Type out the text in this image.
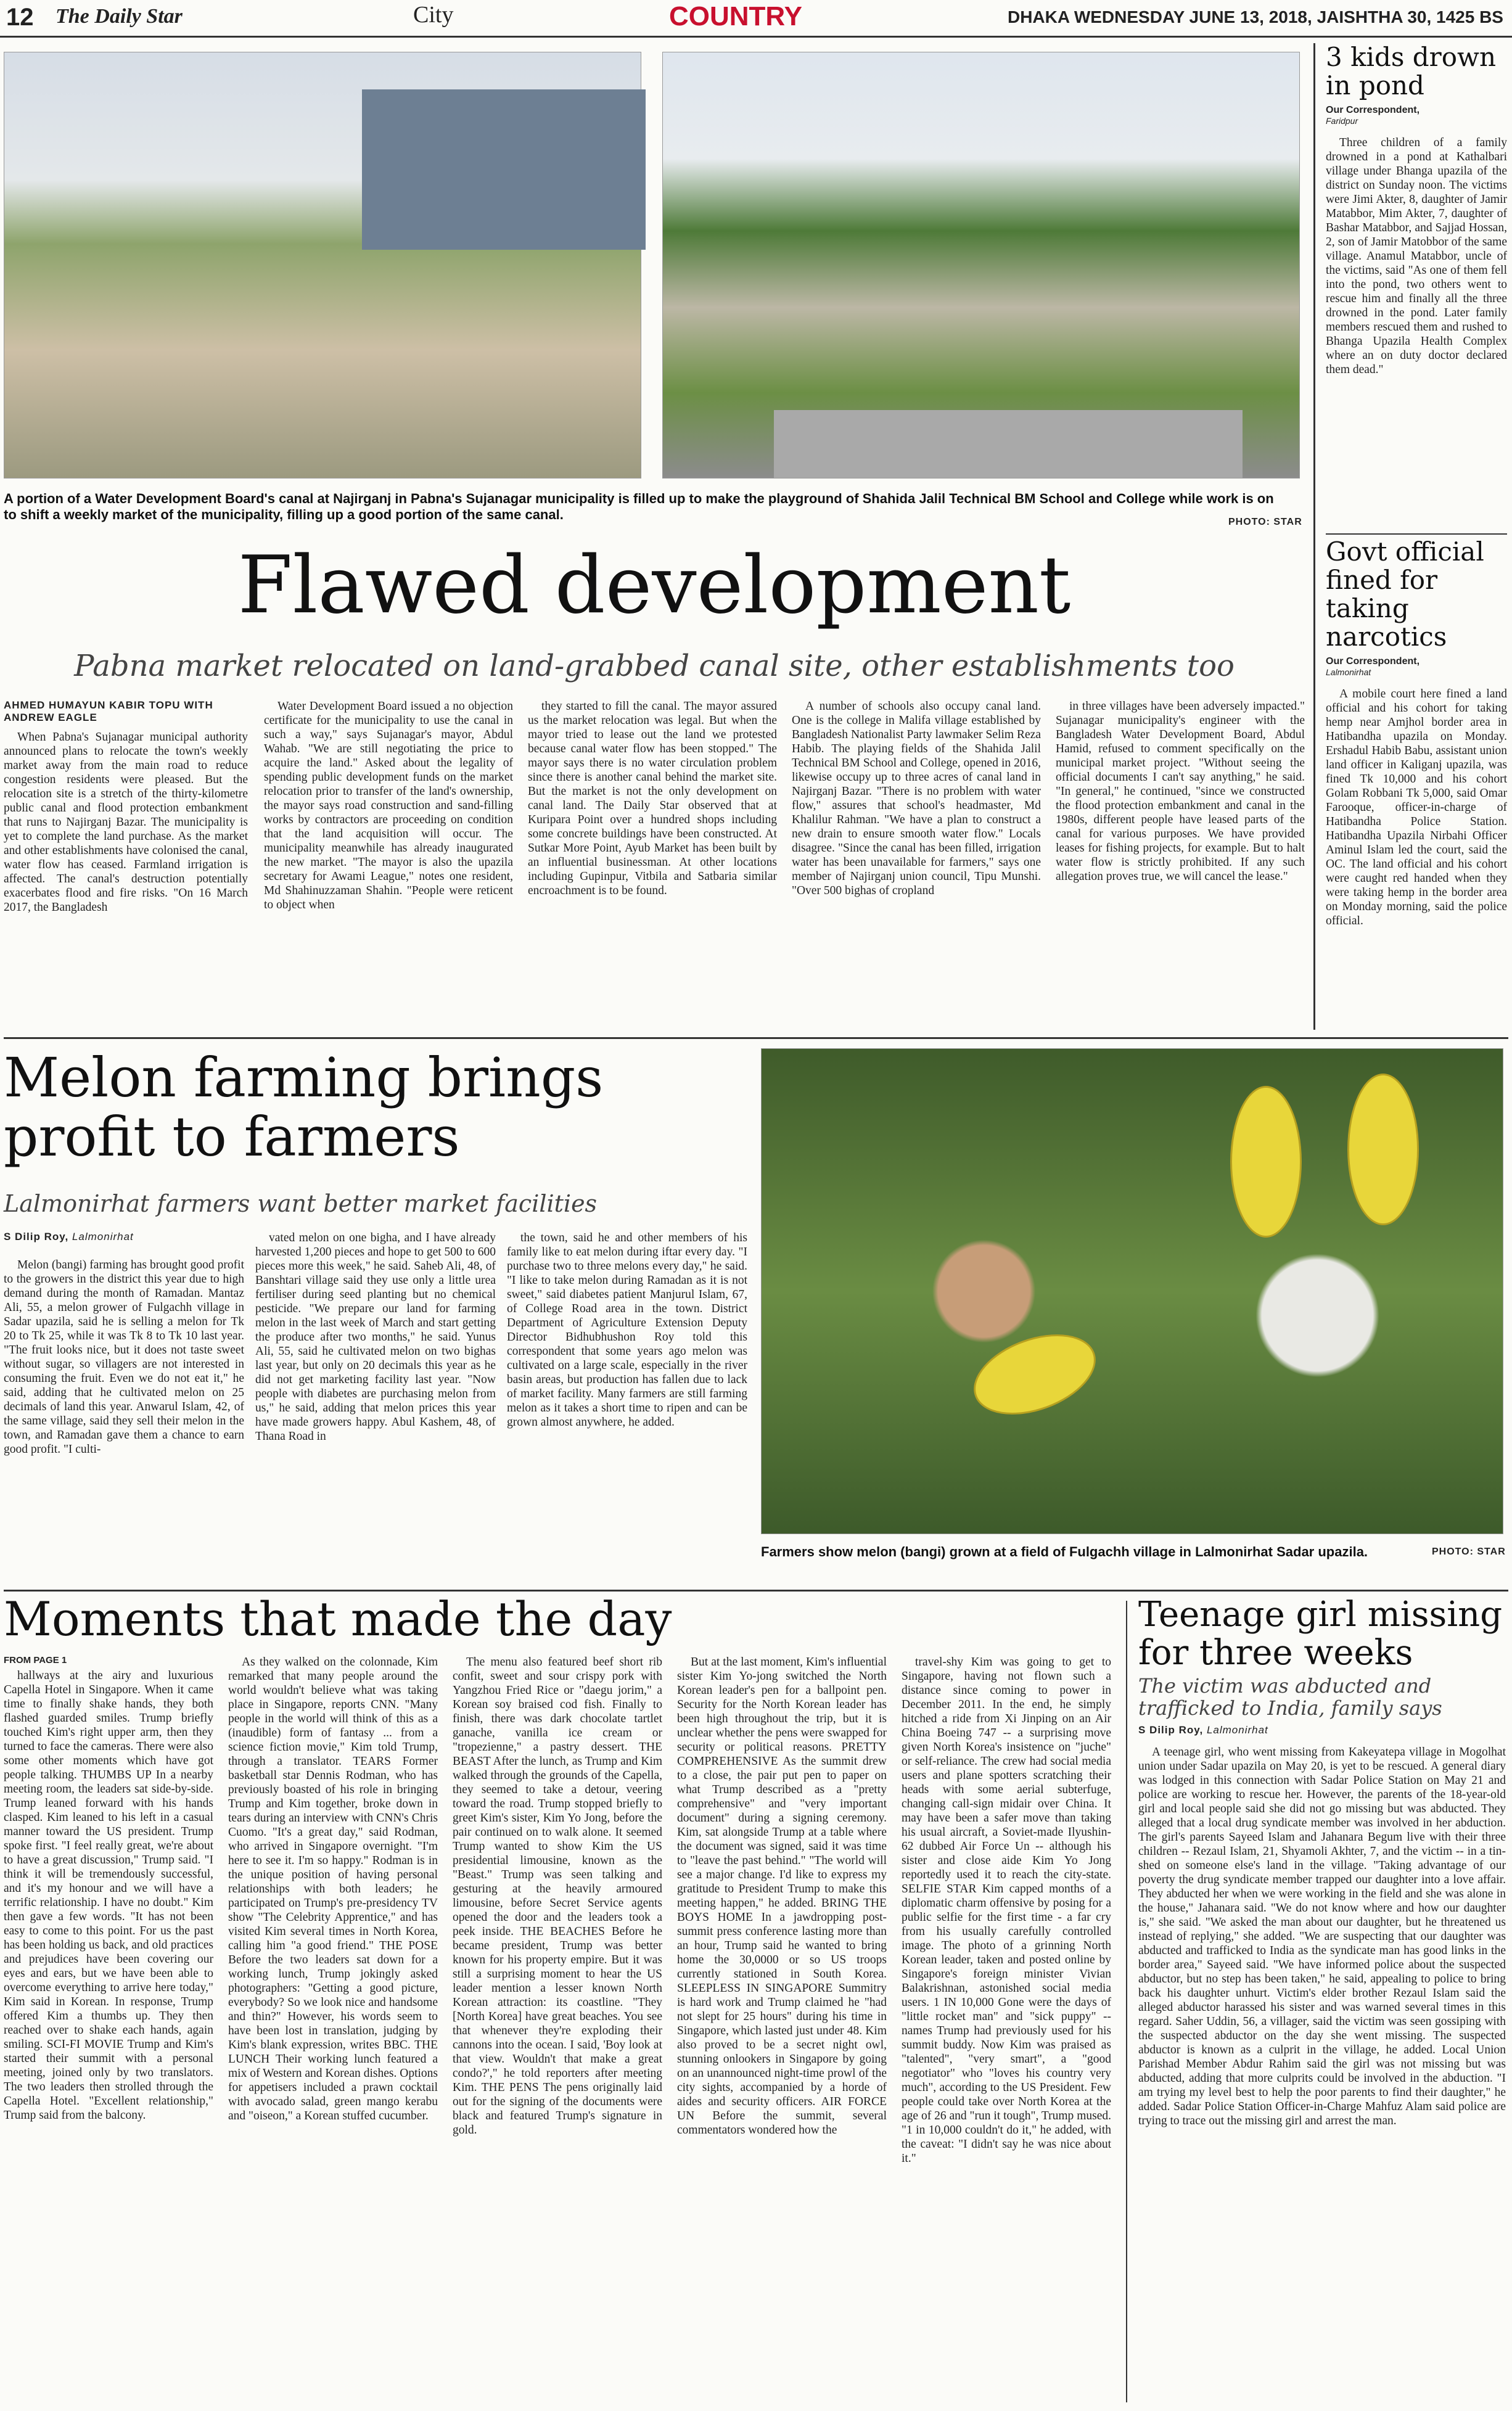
12 The Daily Star	City	COUNTRY	DHAKA WEDNESDAY JUNE 13, 2018, JAISHTHA 30, 1425 BS
A portion of a Water Development Board's canal at Najirganj in Pabna's Sujanagar municipality is filled up to make the playground of Shahida Jalil Technical BM School and College while work is on to shift a weekly market of the municipality, filling up a good portion of the same canal.	PHOTO: STAR
Flawed development
Pabna market relocated on land-grabbed canal site, other establishments too
AHMED HUMAYUN KABIR TOPU WITH ANDREW EAGLE

When Pabna's Sujanagar municipal authority announced plans to relocate the town's weekly market away from the main road to reduce congestion residents were pleased. But the relocation site is a stretch of the thirty-kilometre public canal and flood protection embankment that runs to Najirganj Bazar. The municipality is yet to complete the land purchase. As the market and other establishments have colonised the canal, water flow has ceased. Farmland irrigation is affected. The canal's destruction potentially exacerbates flood and fire risks. "On 16 March 2017, the Bangladesh

Water Development Board issued a no objection certificate for the municipality to use the canal in such a way," says Sujanagar's mayor, Abdul Wahab. "We are still negotiating the price to acquire the land." Asked about the legality of spending public development funds on the market relocation prior to transfer of the land's ownership, the mayor says road construction and sand-filling works by contractors are proceeding on condition that the land acquisition will occur. The municipality meanwhile has already inaugurated the new market. "The mayor is also the upazila secretary for Awami League," notes one resident, Md Shahinuzzaman Shahin. "People were reticent to object when

they started to fill the canal. The mayor assured us the market relocation was legal. But when the mayor tried to lease out the land we protested because canal water flow has been stopped." The mayor says there is no water circulation problem since there is another canal behind the market site. But the market is not the only development on canal land. The Daily Star observed that at Kuripara Point over a hundred shops including some concrete buildings have been constructed. At Sutkar More Point, Ayub Market has been built by an influential businessman. At other locations including Gupinpur, Vitbila and Satbaria similar encroachment is to be found.

A number of schools also occupy canal land. One is the college in Malifa village established by Bangladesh Nationalist Party lawmaker Selim Reza Habib. The playing fields of the Shahida Jalil Technical BM School and College, opened in 2016, likewise occupy up to three acres of canal land in Najirganj Bazar. "There is no problem with water flow," assures that school's headmaster, Md Khalilur Rahman. "We have a plan to construct a new drain to ensure smooth water flow." Locals disagree. "Since the canal has been filled, irrigation water has been unavailable for farmers," says one member of Najirganj union council, Tipu Munshi. "Over 500 bighas of cropland

in three villages have been adversely impacted." Sujanagar municipality's engineer with the Bangladesh Water Development Board, Abdul Hamid, refused to comment specifically on the municipal market project. "Without seeing the official documents I can't say anything," he said. "In general," he continued, "since we constructed the flood protection embankment and canal in the 1980s, different people have leased parts of the canal for various purposes. We have provided leases for fishing projects, for example. But to halt water flow is strictly prohibited. If any such allegation proves true, we will cancel the lease."

3 kids drown in pond
Our Correspondent,
Faridpur

Three children of a family drowned in a pond at Kathalbari village under Bhanga upazila of the district on Sunday noon. The victims were Jimi Akter, 8, daughter of Jamir Matabbor, Mim Akter, 7, daughter of Bashar Matabbor, and Sajjad Hossan, 2, son of Jamir Matobbor of the same village. Anamul Matabbor, uncle of the victims, said "As one of them fell into the pond, two others went to rescue him and finally all the three drowned in the pond. Later family members rescued them and rushed to Bhanga Upazila Health Complex where an on duty doctor declared them dead."

Govt official fined for taking narcotics
Our Correspondent,
Lalmonirhat

A mobile court here fined a land official and his cohort for taking hemp near Amjhol border area in Hatibandha upazila on Monday. Ershadul Habib Babu, assistant union land officer in Kaliganj upazila, was fined Tk 10,000 and his cohort Golam Robbani Tk 5,000, said Omar Farooque, officer-in-charge of Hatibandha Police Station. Hatibandha Upazila Nirbahi Officer Aminul Islam led the court, said the OC. The land official and his cohort were caught red handed when they were taking hemp in the border area on Monday morning, said the police official.

Melon farming brings profit to farmers
Lalmonirhat farmers want better market facilities
S Dilip Roy, Lalmonirhat

Melon (bangi) farming has brought good profit to the growers in the district this year due to high demand during the month of Ramadan. Mantaz Ali, 55, a melon grower of Fulgachh village in Sadar upazila, said he is selling a melon for Tk 20 to Tk 25, while it was Tk 8 to Tk 10 last year. "The fruit looks nice, but it does not taste sweet without sugar, so villagers are not interested in consuming the fruit. Even we do not eat it," he said, adding that he cultivated melon on 25 decimals of land this year. Anwarul Islam, 42, of the same village, said they sell their melon in the town, and Ramadan gave them a chance to earn good profit. "I culti-

vated melon on one bigha, and I have already harvested 1,200 pieces and hope to get 500 to 600 pieces more this week," he said. Saheb Ali, 48, of Banshtari village said they use only a little urea fertiliser during seed planting but no chemical pesticide. "We prepare our land for farming melon in the last week of March and start getting the produce after two months," he said. Yunus Ali, 55, said he cultivated melon on two bighas last year, but only on 20 decimals this year as he did not get marketing facility last year. "Now people with diabetes are purchasing melon from us," he said, adding that melon prices this year have made growers happy. Abul Kashem, 48, of Thana Road in

the town, said he and other members of his family like to eat melon during iftar every day. "I purchase two to three melons every day," he said. "I like to take melon during Ramadan as it is not sweet," said diabetes patient Manjurul Islam, 67, of College Road area in the town. District Department of Agriculture Extension Deputy Director Bidhubhushon Roy told this correspondent that some years ago melon was cultivated on a large scale, especially in the river basin areas, but production has fallen due to lack of market facility. Many farmers are still farming melon as it takes a short time to ripen and can be grown almost anywhere, he added.

Farmers show melon (bangi) grown at a field of Fulgachh village in Lalmonirhat Sadar upazila.	PHOTO: STAR
Moments that made the day
FROM PAGE 1

hallways at the airy and luxurious Capella Hotel in Singapore. When it came time to finally shake hands, they both flashed guarded smiles. Trump briefly touched Kim's right upper arm, then they turned to face the cameras. There were also some other moments which have got people talking. THUMBS UP In a nearby meeting room, the leaders sat side-by-side. Trump leaned forward with his hands clasped. Kim leaned to his left in a casual manner toward the US president. Trump spoke first. "I feel really great, we're about to have a great discussion," Trump said. "I think it will be tremendously successful, and it's my honour and we will have a terrific relationship. I have no doubt." Kim then gave a few words. "It has not been easy to come to this point. For us the past has been holding us back, and old practices and prejudices have been covering our eyes and ears, but we have been able to overcome everything to arrive here today," Kim said in Korean. In response, Trump offered Kim a thumbs up. They then reached over to shake each hands, again smiling. SCI-FI MOVIE Trump and Kim's started their summit with a personal meeting, joined only by two translators. The two leaders then strolled through the Capella Hotel. "Excellent relationship," Trump said from the balcony.

As they walked on the colonnade, Kim remarked that many people around the world wouldn't believe what was taking place in Singapore, reports CNN. "Many people in the world will think of this as a (inaudible) form of fantasy ... from a science fiction movie," Kim told Trump, through a translator. TEARS Former basketball star Dennis Rodman, who has previously boasted of his role in bringing Trump and Kim together, broke down in tears during an interview with CNN's Chris Cuomo. "It's a great day," said Rodman, who arrived in Singapore overnight. "I'm here to see it. I'm so happy." Rodman is in the unique position of having personal relationships with both leaders; he participated on Trump's pre-presidency TV show "The Celebrity Apprentice," and has visited Kim several times in North Korea, calling him "a good friend." THE POSE Before the two leaders sat down for a working lunch, Trump jokingly asked photographers: "Getting a good picture, everybody? So we look nice and handsome and thin?" However, his words seem to have been lost in translation, judging by Kim's blank expression, writes BBC. THE LUNCH Their working lunch featured a mix of Western and Korean dishes. Options for appetisers included a prawn cocktail with avocado salad, green mango kerabu and "oiseon," a Korean stuffed cucumber.

The menu also featured beef short rib confit, sweet and sour crispy pork with Yangzhou Fried Rice or "daegu jorim," a Korean soy braised cod fish. Finally to finish, there was dark chocolate tartlet ganache, vanilla ice cream or "tropezienne," a pastry dessert. THE BEAST After the lunch, as Trump and Kim walked through the grounds of the Capella, they seemed to take a detour, veering toward the road. Trump stopped briefly to greet Kim's sister, Kim Yo Jong, before the pair continued on to walk alone. It seemed Trump wanted to show Kim the US presidential limousine, known as the "Beast." Trump was seen talking and gesturing at the heavily armoured limousine, before Secret Service agents opened the door and the leaders took a peek inside. THE BEACHES Before he became president, Trump was better known for his property empire. But it was still a surprising moment to hear the US leader mention a lesser known North Korean attraction: its coastline. "They [North Korea] have great beaches. You see that whenever they're exploding their cannons into the ocean. I said, 'Boy look at that view. Wouldn't that make a great condo?'," he told reporters after meeting Kim. THE PENS The pens originally laid out for the signing of the documents were black and featured Trump's signature in gold.

But at the last moment, Kim's influential sister Kim Yo-jong switched the North Korean leader's pen for a ballpoint pen. Security for the North Korean leader has been high throughout the trip, but it is unclear whether the pens were swapped for security or political reasons. PRETTY COMPREHENSIVE As the summit drew to a close, the pair put pen to paper on what Trump described as a "pretty comprehensive" and "very important document" during a signing ceremony. Kim, sat alongside Trump at a table where the document was signed, said it was time to "leave the past behind." "The world will see a major change. I'd like to express my gratitude to President Trump to make this meeting happen," he added. BRING THE BOYS HOME In a jawdropping post-summit press conference lasting more than an hour, Trump said he wanted to bring home the 30,0000 or so US troops currently stationed in South Korea. SLEEPLESS IN SINGAPORE Summitry is hard work and Trump claimed he "had not slept for 25 hours" during his time in Singapore, which lasted just under 48. Kim also proved to be a secret night owl, stunning onlookers in Singapore by going on an unannounced night-time prowl of the city sights, accompanied by a horde of aides and security officers. AIR FORCE UN Before the summit, several commentators wondered how the

travel-shy Kim was going to get to Singapore, having not flown such a distance since coming to power in December 2011. In the end, he simply hitched a ride from Xi Jinping on an Air China Boeing 747 -- a surprising move given North Korea's insistence on "juche" or self-reliance. The crew had social media users and plane spotters scratching their heads with some aerial subterfuge, changing call-sign midair over China. It may have been a safer move than taking his usual aircraft, a Soviet-made Ilyushin-62 dubbed Air Force Un -- although his sister and close aide Kim Yo Jong reportedly used it to reach the city-state. SELFIE STAR Kim capped months of a diplomatic charm offensive by posing for a public selfie for the first time - a far cry from his usually carefully controlled image. The photo of a grinning North Korean leader, taken and posted online by Singapore's foreign minister Vivian Balakrishnan, astonished social media users. 1 IN 10,000 Gone were the days of "little rocket man" and "sick puppy" -- names Trump had previously used for his summit buddy. Now Kim was praised as "talented", "very smart", a "good negotiator" who "loves his country very much", according to the US President. Few people could take over North Korea at the age of 26 and "run it tough", Trump mused. "1 in 10,000 couldn't do it," he added, with the caveat: "I didn't say he was nice about it."

Teenage girl missing for three weeks
The victim was abducted and trafficked to India, family says
S Dilip Roy, Lalmonirhat

A teenage girl, who went missing from Kakeyatepa village in Mogolhat union under Sadar upazila on May 20, is yet to be rescued. A general diary was lodged in this connection with Sadar Police Station on May 21 and police are working to rescue her. However, the parents of the 18-year-old girl and local people said she did not go missing but was abducted. They alleged that a local drug syndicate member was involved in her abduction. The girl's parents Sayeed Islam and Jahanara Begum live with their three children -- Rezaul Islam, 21, Shyamoli Akhter, 7, and the victim -- in a tin-shed on someone else's land in the village. "Taking advantage of our poverty the drug syndicate member trapped our daughter into a love affair. They abducted her when we were working in the field and she was alone in the house," Jahanara said. "We do not know where and how our daughter is," she said. "We asked the man about our daughter, but he threatened us instead of replying," she added. "We are suspecting that our daughter was abducted and trafficked to India as the syndicate man has good links in the border area," Sayeed said. "We have informed police about the suspected abductor, but no step has been taken," he said, appealing to police to bring back his daughter unhurt. Victim's elder brother Rezaul Islam said the alleged abductor harassed his sister and was warned several times in this regard. Saher Uddin, 56, a villager, said the victim was seen gossiping with the suspected abductor on the day she went missing. The suspected abductor is known as a culprit in the village, he added. Local Union Parishad Member Abdur Rahim said the girl was not missing but was abducted, adding that more culprits could be involved in the abduction. "I am trying my level best to help the poor parents to find their daughter," he added. Sadar Police Station Officer-in-Charge Mahfuz Alam said police are trying to trace out the missing girl and arrest the man.
